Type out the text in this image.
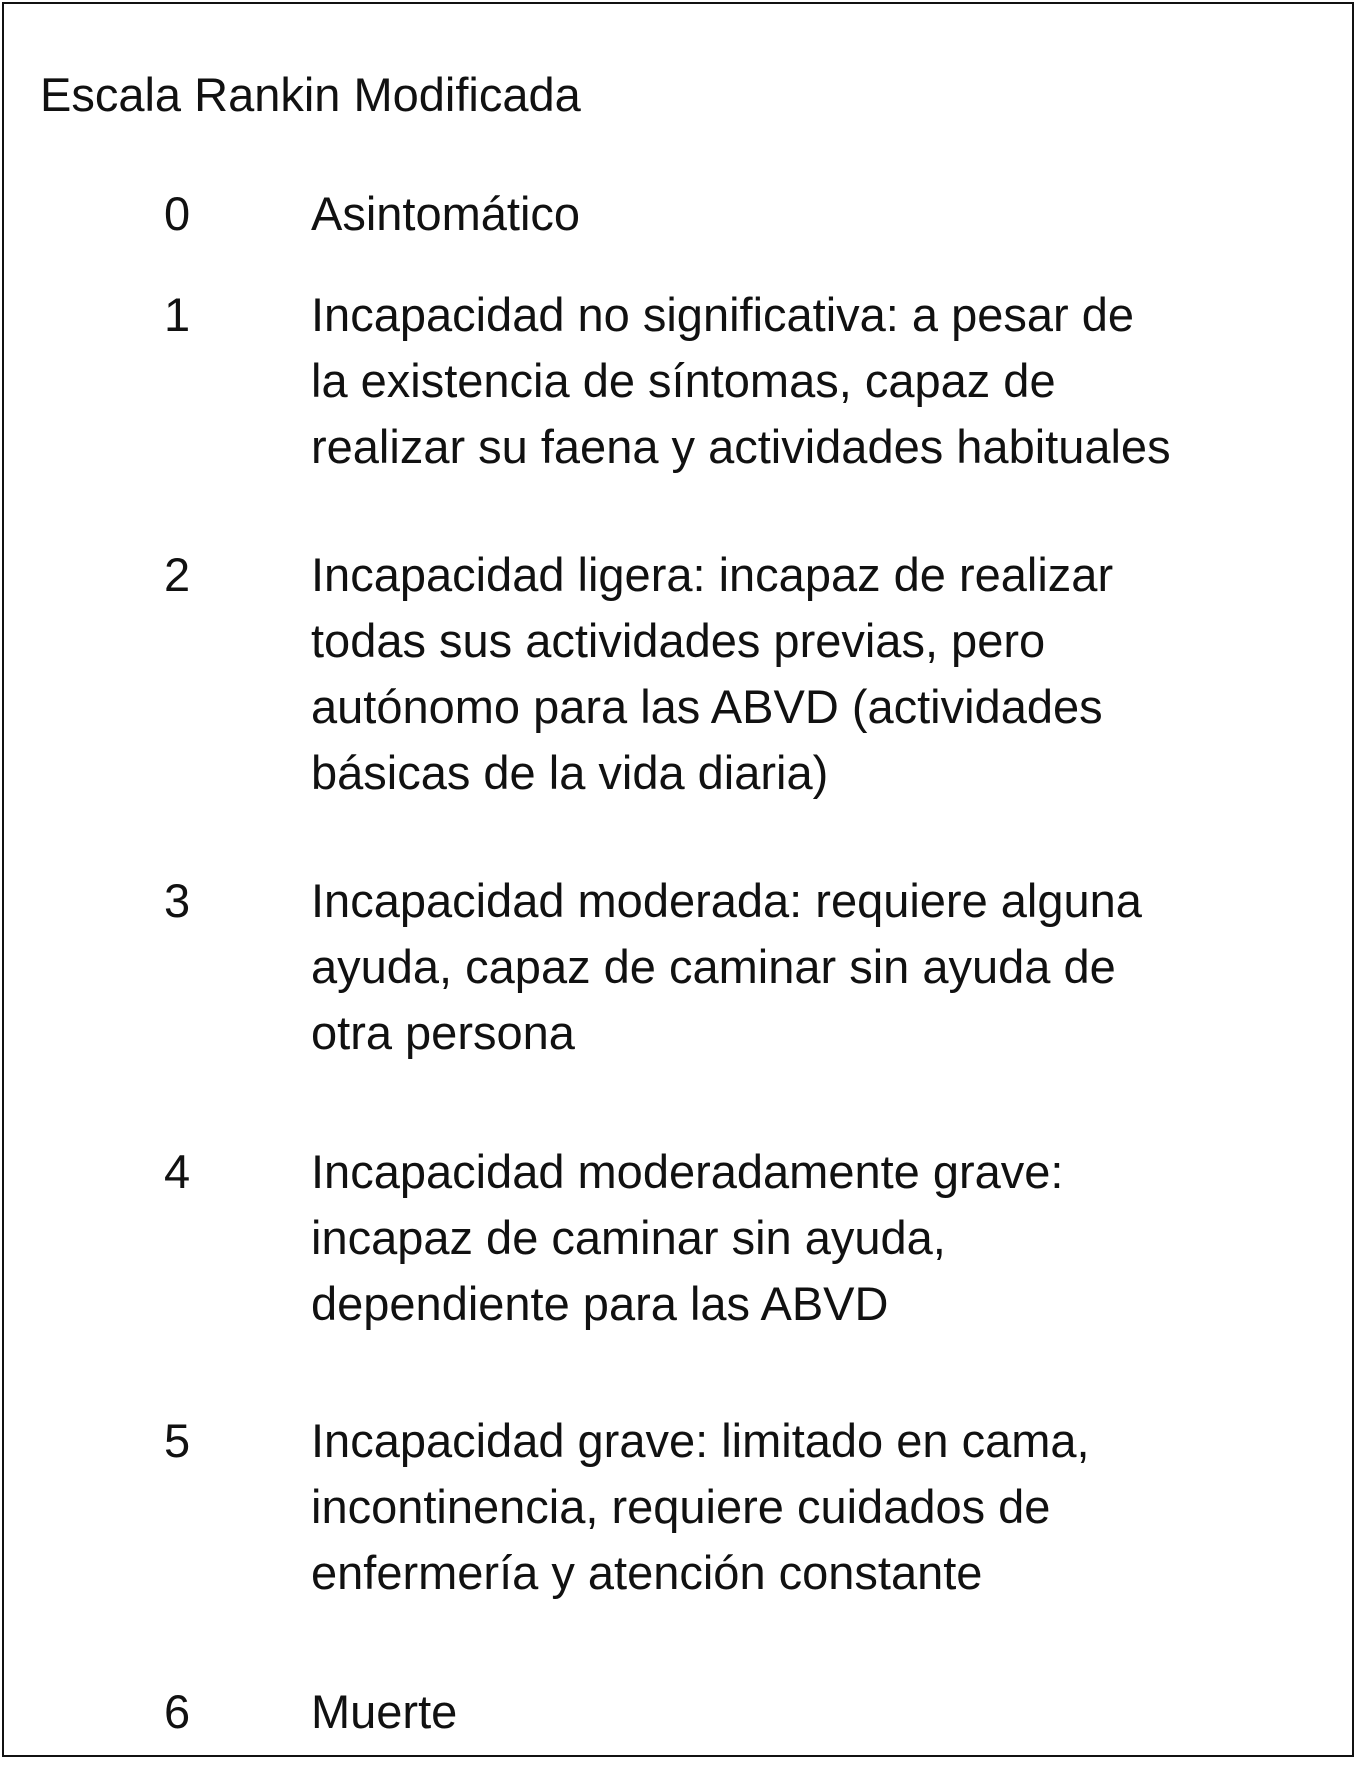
Escala Rankin Modificada
0	Asintomático
1	Incapacidad no significativa: a pesar de
la existencia de síntomas, capaz de
realizar su faena y actividades habituales
2	Incapacidad ligera: incapaz de realizar
todas sus actividades previas, pero
autónomo para las ABVD (actividades
básicas de la vida diaria)
3	Incapacidad moderada: requiere alguna
ayuda, capaz de caminar sin ayuda de
otra persona
4	Incapacidad moderadamente grave:
incapaz de caminar sin ayuda,
dependiente para las ABVD
5	Incapacidad grave: limitado en cama,
incontinencia, requiere cuidados de
enfermería y atención constante
6	Muerte
